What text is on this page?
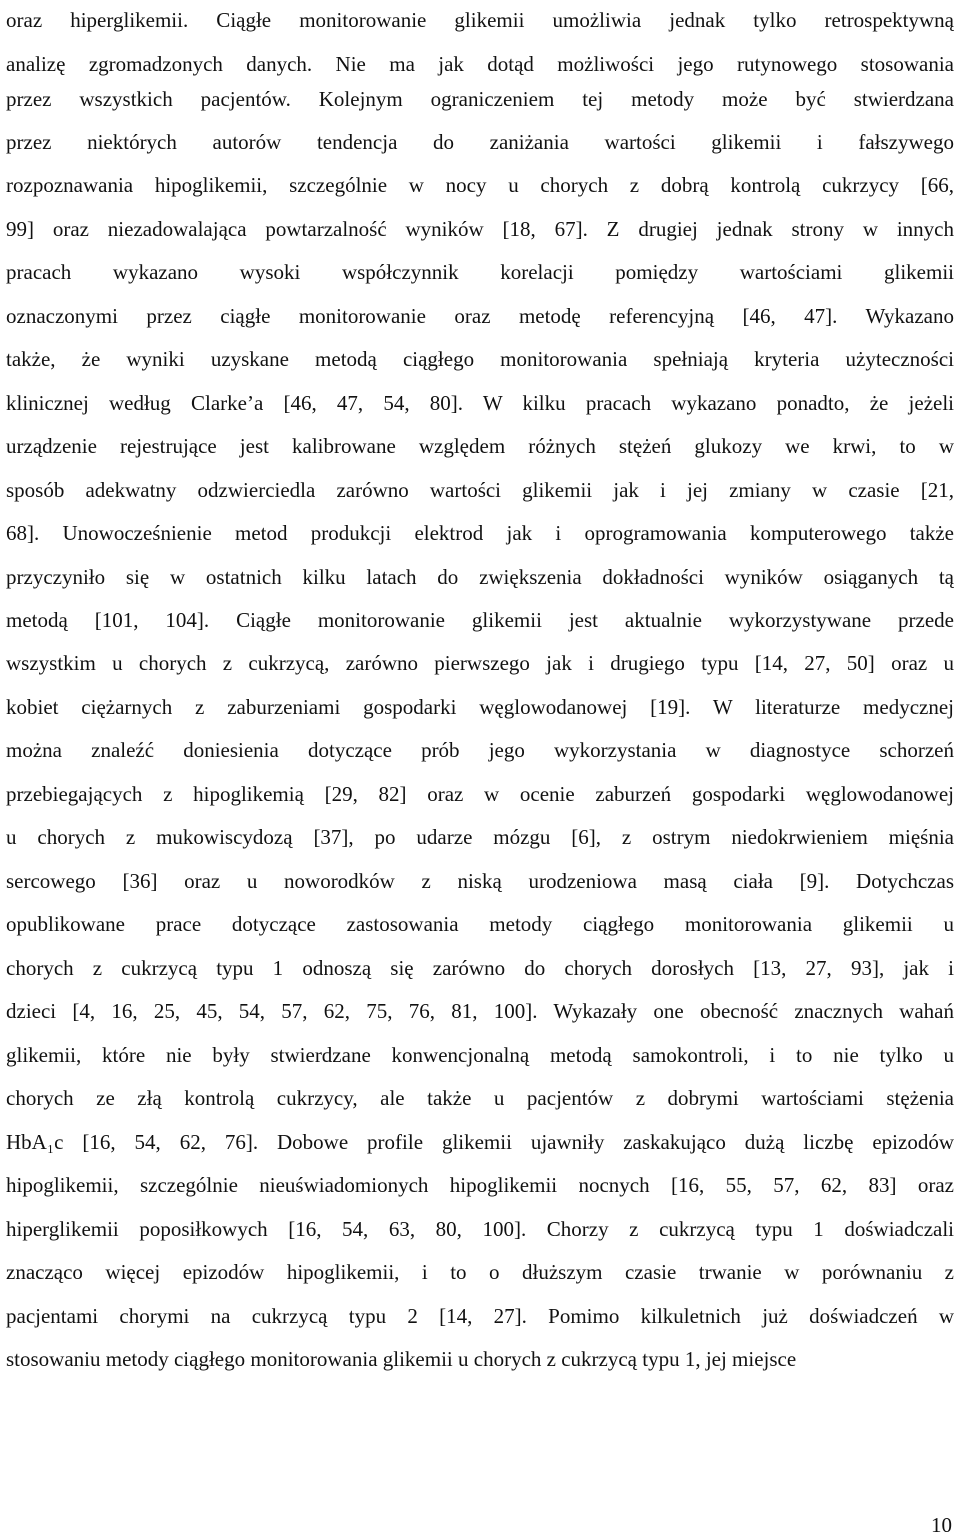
oraz hiperglikemii. Ciągłe monitorowanie glikemii umożliwia jednak tylko retrospektywną
analizę zgromadzonych danych. Nie ma jak dotąd możliwości jego rutynowego stosowania
przez wszystkich pacjentów. Kolejnym ograniczeniem tej metody może być stwierdzana
przez niektórych autorów tendencja do zaniżania wartości glikemii i fałszywego
rozpoznawania hipoglikemii, szczególnie w nocy u chorych z dobrą kontrolą cukrzycy [66,
99] oraz niezadowalająca powtarzalność wyników [18, 67]. Z drugiej jednak strony w innych
pracach wykazano wysoki współczynnik korelacji pomiędzy wartościami glikemii
oznaczonymi przez ciągłe monitorowanie oraz metodę referencyjną [46, 47]. Wykazano
także, że wyniki uzyskane metodą ciągłego monitorowania spełniają kryteria użyteczności
klinicznej według Clarke’a [46, 47, 54, 80]. W kilku pracach wykazano ponadto, że jeżeli
urządzenie rejestrujące jest kalibrowane względem różnych stężeń glukozy we krwi, to w
sposób adekwatny odzwierciedla zarówno wartości glikemii jak i jej zmiany w czasie [21,
68]. Unowocześnienie metod produkcji elektrod jak i oprogramowania komputerowego także
przyczyniło się w ostatnich kilku latach do zwiększenia dokładności wyników osiąganych tą
metodą [101, 104]. Ciągłe monitorowanie glikemii jest aktualnie wykorzystywane przede
wszystkim u chorych z cukrzycą, zarówno pierwszego jak i drugiego typu [14, 27, 50] oraz u
kobiet ciężarnych z zaburzeniami gospodarki węglowodanowej [19]. W literaturze medycznej
można znaleźć doniesienia dotyczące prób jego wykorzystania w diagnostyce schorzeń
przebiegających z hipoglikemią [29, 82] oraz w ocenie zaburzeń gospodarki węglowodanowej
u chorych z mukowiscydozą [37], po udarze mózgu [6], z ostrym niedokrwieniem mięśnia
sercowego [36] oraz u noworodków z niską urodzeniowa masą ciała [9]. Dotychczas
opublikowane prace dotyczące zastosowania metody ciągłego monitorowania glikemii u
chorych z cukrzycą typu 1 odnoszą się zarówno do chorych dorosłych [13, 27, 93], jak i
dzieci [4, 16, 25, 45, 54, 57, 62, 75, 76, 81, 100]. Wykazały one obecność znacznych wahań
glikemii, które nie były stwierdzane konwencjonalną metodą samokontroli, i to nie tylko u
chorych ze złą kontrolą cukrzycy, ale także u pacjentów z dobrymi wartościami stężenia
HbA₁c [16, 54, 62, 76]. Dobowe profile glikemii ujawniły zaskakująco dużą liczbę epizodów
hipoglikemii, szczególnie nieuświadomionych hipoglikemii nocnych [16, 55, 57, 62, 83] oraz
hiperglikemii poposiłkowych [16, 54, 63, 80, 100]. Chorzy z cukrzycą typu 1 doświadczali
znacząco więcej epizodów hipoglikemii, i to o dłuższym czasie trwanie w porównaniu z
pacjentami chorymi na cukrzycą typu 2 [14, 27]. Pomimo kilkuletnich już doświadczeń w
stosowaniu metody ciągłego monitorowania glikemii u chorych z cukrzycą typu 1, jej miejsce
10
